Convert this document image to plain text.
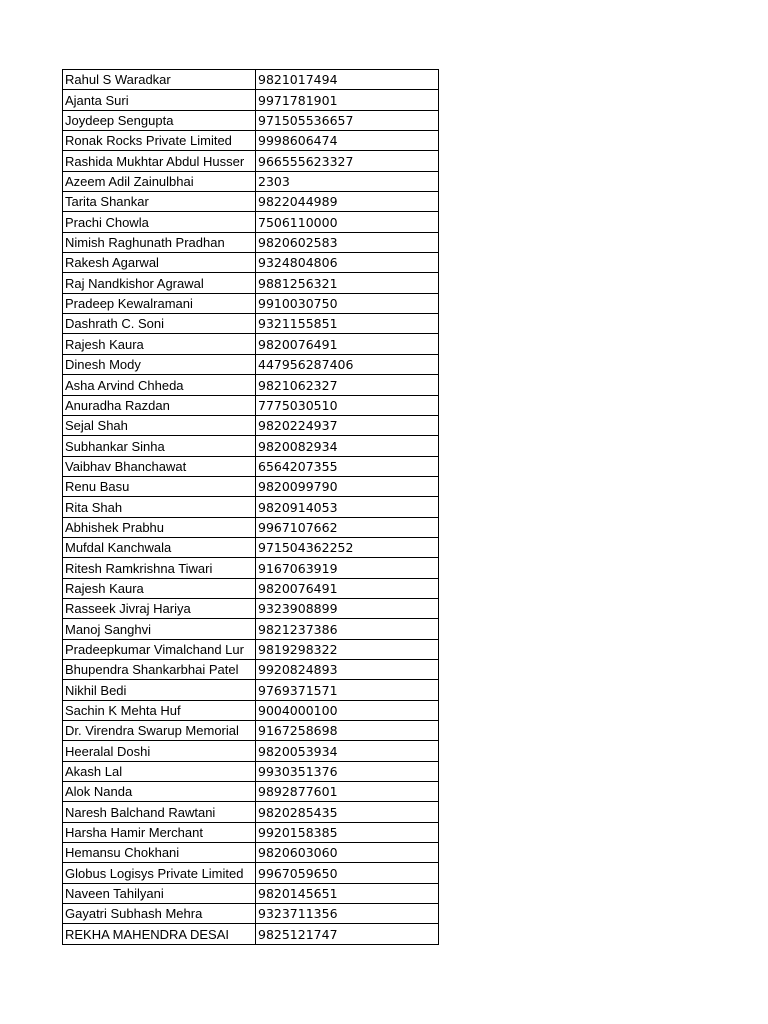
Rahul S Waradkar	9821017494
Ajanta Suri	9971781901
Joydeep Sengupta	971505536657
Ronak Rocks Private Limited	9998606474
Rashida Mukhtar Abdul Husser	966555623327
Azeem Adil Zainulbhai	2303
Tarita Shankar	9822044989
Prachi Chowla	7506110000
Nimish Raghunath Pradhan	9820602583
Rakesh Agarwal	9324804806
Raj Nandkishor Agrawal	9881256321
Pradeep Kewalramani	9910030750
Dashrath C. Soni	9321155851
Rajesh Kaura	9820076491
Dinesh Mody	447956287406
Asha Arvind Chheda	9821062327
Anuradha Razdan	7775030510
Sejal Shah	9820224937
Subhankar Sinha	9820082934
Vaibhav Bhanchawat	6564207355
Renu Basu	9820099790
Rita Shah	9820914053
Abhishek Prabhu	9967107662
Mufdal Kanchwala	971504362252
Ritesh Ramkrishna Tiwari	9167063919
Rajesh Kaura	9820076491
Rasseek Jivraj Hariya	9323908899
Manoj Sanghvi	9821237386
Pradeepkumar Vimalchand Lur	9819298322
Bhupendra Shankarbhai Patel	9920824893
Nikhil Bedi	9769371571
Sachin K Mehta Huf	9004000100
Dr. Virendra Swarup Memorial	9167258698
Heeralal Doshi	9820053934
Akash Lal	9930351376
Alok Nanda	9892877601
Naresh Balchand Rawtani	9820285435
Harsha Hamir Merchant	9920158385
Hemansu Chokhani	9820603060
Globus Logisys Private Limited	9967059650
Naveen Tahilyani	9820145651
Gayatri Subhash Mehra	9323711356
REKHA MAHENDRA DESAI	9825121747
